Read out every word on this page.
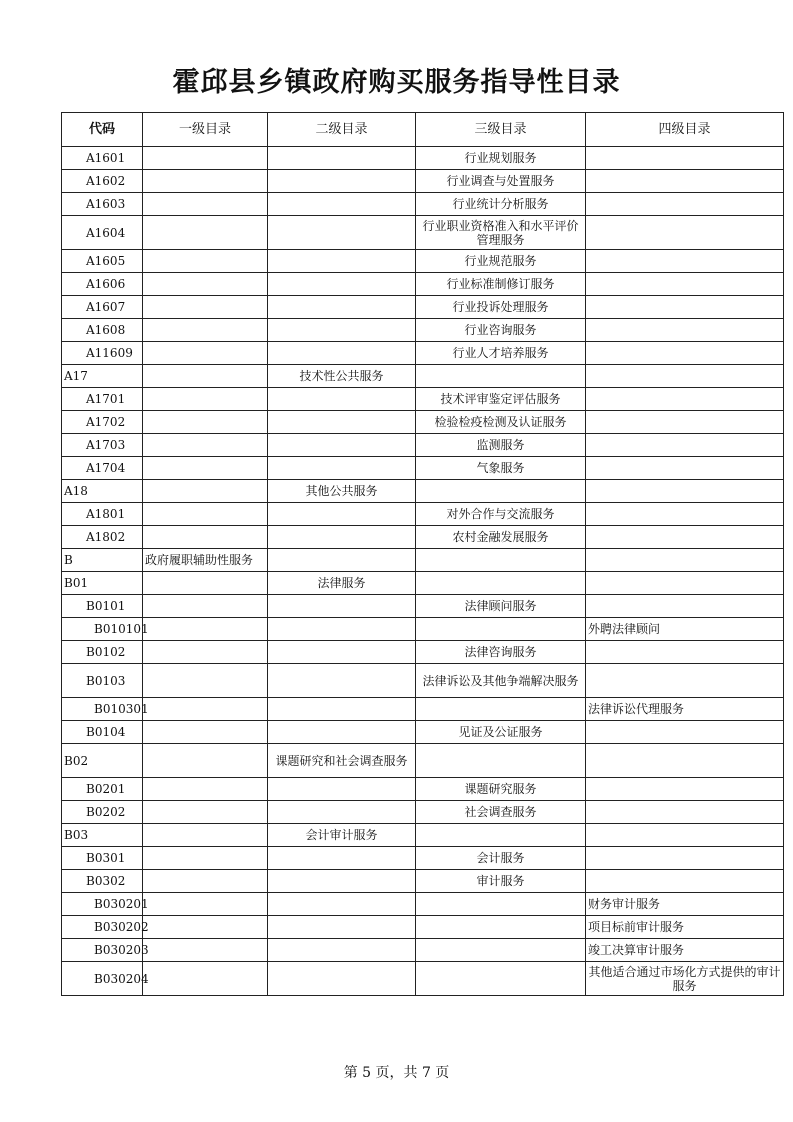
霍邱县乡镇政府购买服务指导性目录
代码	一级目录	二级目录	三级目录	四级目录
A1601			行业规划服务	
A1602			行业调查与处置服务	
A1603			行业统计分析服务	
A1604			行业职业资格准入和水平评价管理服务	
A1605			行业规范服务	
A1606			行业标准制修订服务	
A1607			行业投诉处理服务	
A1608			行业咨询服务	
A11609			行业人才培养服务	
A17		技术性公共服务		
A1701			技术评审鉴定评估服务	
A1702			检验检疫检测及认证服务	
A1703			监测服务	
A1704			气象服务	
A18		其他公共服务		
A1801			对外合作与交流服务	
A1802			农村金融发展服务	
B	政府履职辅助性服务			
B01		法律服务		
B0101			法律顾问服务	
B010101				外聘法律顾问
B0102			法律咨询服务	
B0103			法律诉讼及其他争端解决服务	
B010301				法律诉讼代理服务
B0104			见证及公证服务	
B02		课题研究和社会调查服务		
B0201			课题研究服务	
B0202			社会调查服务	
B03		会计审计服务		
B0301			会计服务	
B0302			审计服务	
B030201				财务审计服务
B030202				项目标前审计服务
B030203				竣工决算审计服务
B030204				其他适合通过市场化方式提供的审计服务
第 5 页，共 7 页
